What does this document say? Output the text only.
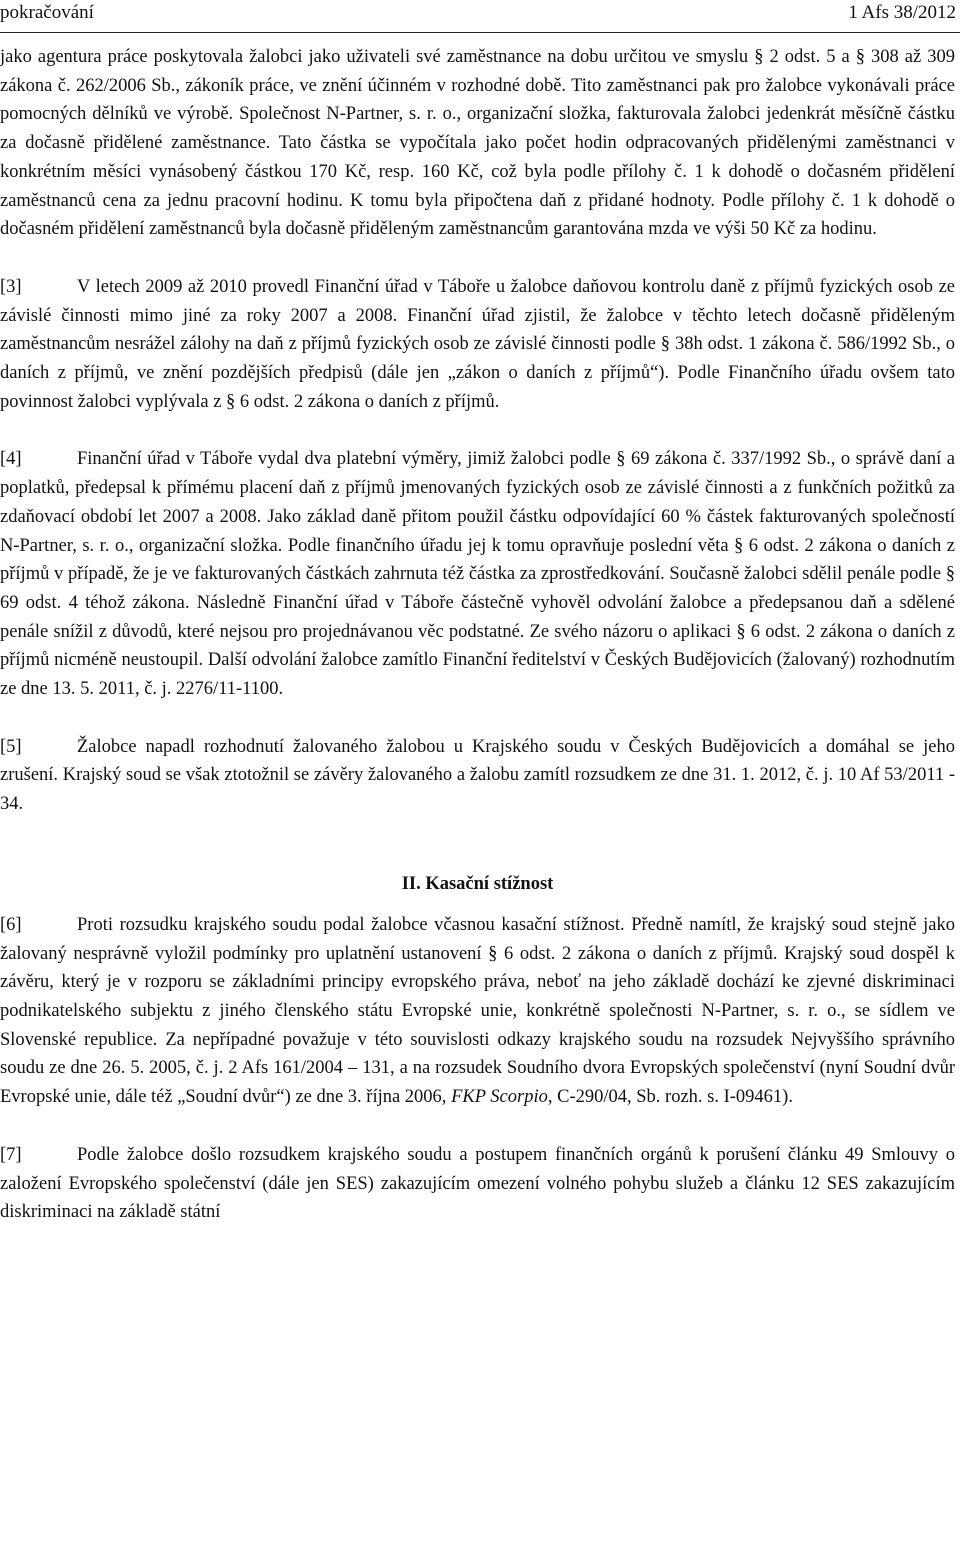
pokračování	1 Afs 38/2012

jako agentura práce poskytovala žalobci jako uživateli své zaměstnance na dobu určitou ve smyslu § 2 odst. 5 a § 308 až 309 zákona č. 262/2006 Sb., zákoník práce, ve znění účinném v rozhodné době. Tito zaměstnanci pak pro žalobce vykonávali práce pomocných dělníků ve výrobě. Společnost N-Partner, s. r. o., organizační složka, fakturovala žalobci jedenkrát měsíčně částku za dočasně přidělené zaměstnance. Tato částka se vypočítala jako počet hodin odpracovaných přidělenými zaměstnanci v konkrétním měsíci vynásobený částkou 170 Kč, resp. 160 Kč, což byla podle přílohy č. 1 k dohodě o dočasném přidělení zaměstnanců cena za jednu pracovní hodinu. K tomu byla připočtena daň z přidané hodnoty. Podle přílohy č. 1 k dohodě o dočasném přidělení zaměstnanců byla dočasně přiděleným zaměstnancům garantována mzda ve výši 50 Kč za hodinu.

[3]	V letech 2009 až 2010 provedl Finanční úřad v Táboře u žalobce daňovou kontrolu daně z příjmů fyzických osob ze závislé činnosti mimo jiné za roky 2007 a 2008. Finanční úřad zjistil, že žalobce v těchto letech dočasně přiděleným zaměstnancům nesrážel zálohy na daň z příjmů fyzických osob ze závislé činnosti podle § 38h odst. 1 zákona č. 586/1992 Sb., o daních z příjmů, ve znění pozdějších předpisů (dále jen „zákon o daních z příjmů“). Podle Finančního úřadu ovšem tato povinnost žalobci vyplývala z § 6 odst. 2 zákona o daních z příjmů.

[4]	Finanční úřad v Táboře vydal dva platební výměry, jimiž žalobci podle § 69 zákona č. 337/1992 Sb., o správě daní a poplatků, předepsal k přímému placení daň z příjmů jmenovaných fyzických osob ze závislé činnosti a z funkčních požitků za zdaňovací období let 2007 a 2008. Jako základ daně přitom použil částku odpovídající 60 % částek fakturovaných společností N-Partner, s. r. o., organizační složka. Podle finančního úřadu jej k tomu opravňuje poslední věta § 6 odst. 2 zákona o daních z příjmů v případě, že je ve fakturovaných částkách zahrnuta též částka za zprostředkování. Současně žalobci sdělil penále podle § 69 odst. 4 téhož zákona. Následně Finanční úřad v Táboře částečně vyhověl odvolání žalobce a předepsanou daň a sdělené penále snížil z důvodů, které nejsou pro projednávanou věc podstatné. Ze svého názoru o aplikaci § 6 odst. 2 zákona o daních z příjmů nicméně neustoupil. Další odvolání žalobce zamítlo Finanční ředitelství v Českých Budějovicích (žalovaný) rozhodnutím ze dne 13. 5. 2011, č. j. 2276/11-1100.

[5]	Žalobce napadl rozhodnutí žalovaného žalobou u Krajského soudu v Českých Budějovicích a domáhal se jeho zrušení. Krajský soud se však ztotožnil se závěry žalovaného a žalobu zamítl rozsudkem ze dne 31. 1. 2012, č. j. 10 Af 53/2011 - 34.

II. Kasační stížnost

[6]	Proti rozsudku krajského soudu podal žalobce včasnou kasační stížnost. Předně namítl, že krajský soud stejně jako žalovaný nesprávně vyložil podmínky pro uplatnění ustanovení § 6 odst. 2 zákona o daních z příjmů. Krajský soud dospěl k závěru, který je v rozporu se základními principy evropského práva, neboť na jeho základě dochází ke zjevné diskriminaci podnikatelského subjektu z jiného členského státu Evropské unie, konkrétně společnosti N-Partner, s. r. o., se sídlem ve Slovenské republice. Za nepřípadné považuje v této souvislosti odkazy krajského soudu na rozsudek Nejvyššího správního soudu ze dne 26. 5. 2005, č. j. 2 Afs 161/2004 – 131, a na rozsudek Soudního dvora Evropských společenství (nyní Soudní dvůr Evropské unie, dále též „Soudní dvůr“) ze dne 3. října 2006, FKP Scorpio, C-290/04, Sb. rozh. s. I-09461).

[7]	Podle žalobce došlo rozsudkem krajského soudu a postupem finančních orgánů k porušení článku 49 Smlouvy o založení Evropského společenství (dále jen SES) zakazujícím omezení volného pohybu služeb a článku 12 SES zakazujícím diskriminaci na základě státní
